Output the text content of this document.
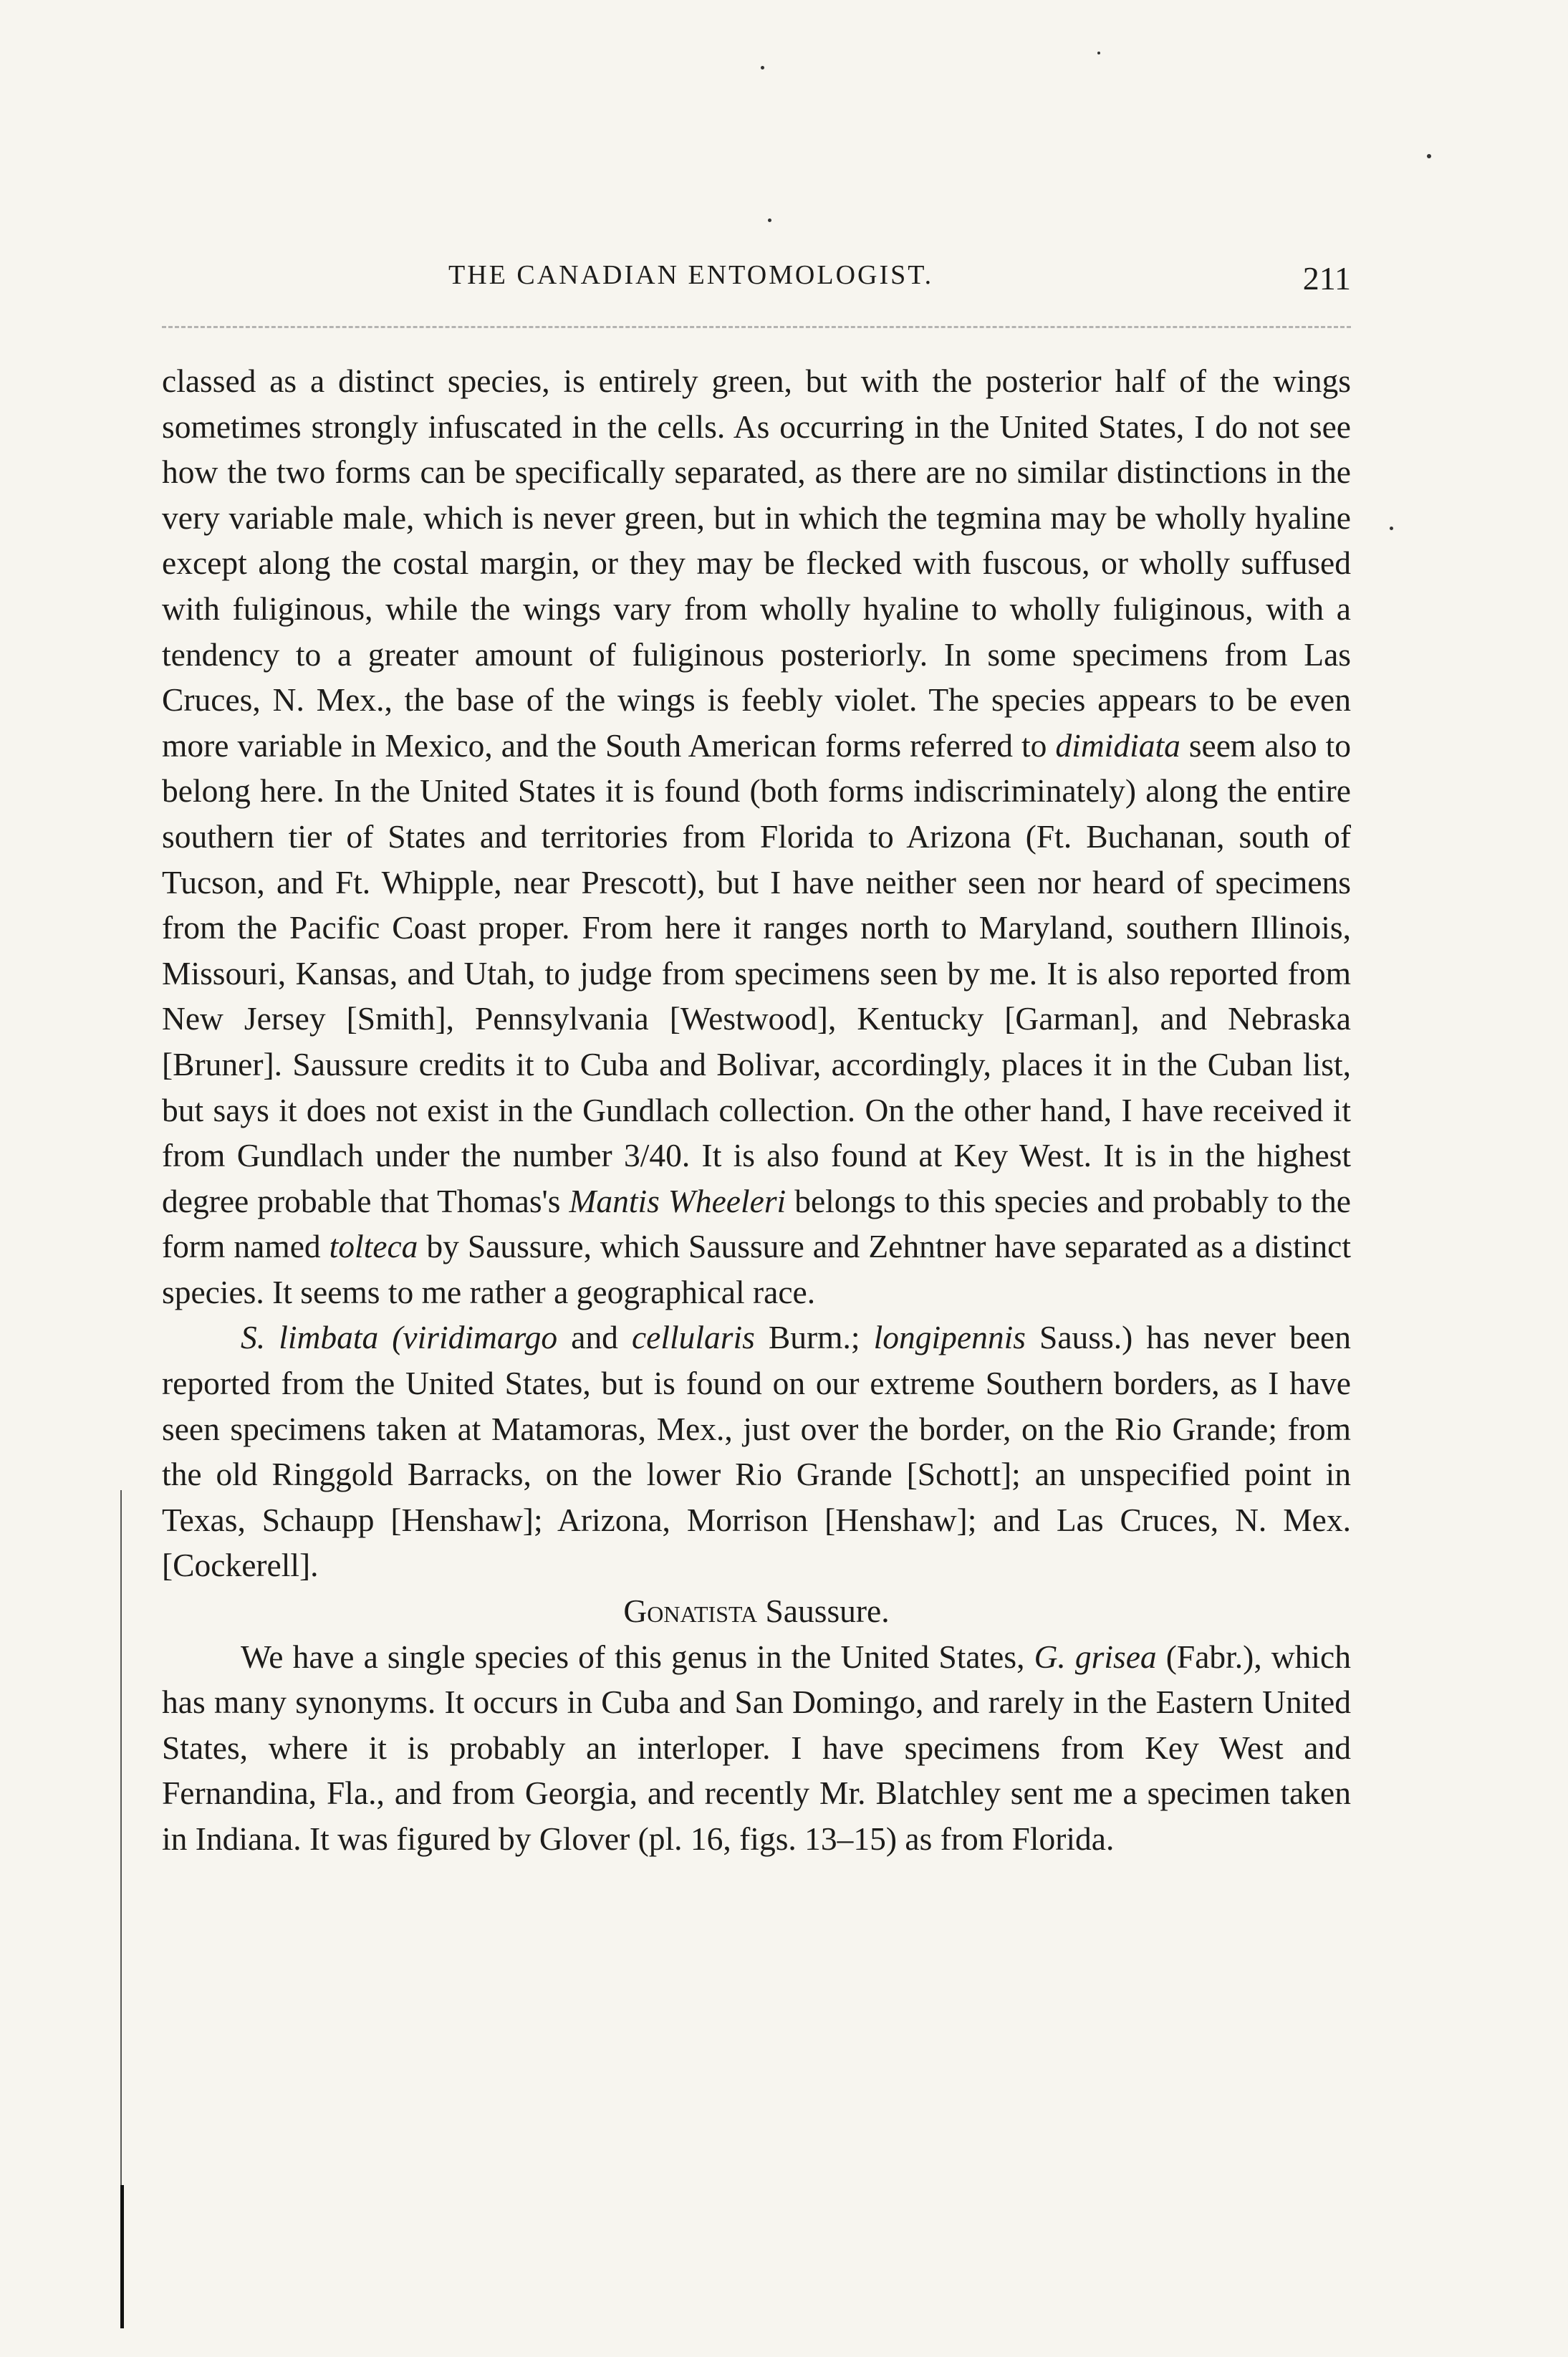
THE CANADIAN ENTOMOLOGIST.	211

classed as a distinct species, is entirely green, but with the posterior half of the wings sometimes strongly infuscated in the cells. As occurring in the United States, I do not see how the two forms can be specifically separated, as there are no similar distinctions in the very variable male, which is never green, but in which the tegmina may be wholly hyaline except along the costal margin, or they may be flecked with fuscous, or wholly suffused with fuliginous, while the wings vary from wholly hyaline to wholly fuliginous, with a tendency to a greater amount of fuliginous posteriorly. In some specimens from Las Cruces, N. Mex., the base of the wings is feebly violet. The species appears to be even more variable in Mexico, and the South American forms referred to dimidiata seem also to belong here. In the United States it is found (both forms indiscriminately) along the entire southern tier of States and territories from Florida to Arizona (Ft. Buchanan, south of Tucson, and Ft. Whipple, near Prescott), but I have neither seen nor heard of specimens from the Pacific Coast proper. From here it ranges north to Maryland, southern Illinois, Missouri, Kansas, and Utah, to judge from specimens seen by me. It is also reported from New Jersey [Smith], Pennsylvania [Westwood], Kentucky [Garman], and Nebraska [Bruner]. Saussure credits it to Cuba and Bolivar, accordingly, places it in the Cuban list, but says it does not exist in the Gundlach collection. On the other hand, I have received it from Gundlach under the number 3/40. It is also found at Key West. It is in the highest degree probable that Thomas's Mantis Wheeleri belongs to this species and probably to the form named tolteca by Saussure, which Saussure and Zehntner have separated as a distinct species. It seems to me rather a geographical race.

S. limbata (viridimargo and cellularis Burm.; longipennis Sauss.) has never been reported from the United States, but is found on our extreme Southern borders, as I have seen specimens taken at Matamoras, Mex., just over the border, on the Rio Grande; from the old Ringgold Barracks, on the lower Rio Grande [Schott]; an unspecified point in Texas, Schaupp [Henshaw]; Arizona, Morrison [Henshaw]; and Las Cruces, N. Mex. [Cockerell].

Gonatista Saussure.

We have a single species of this genus in the United States, G. grisea (Fabr.), which has many synonyms. It occurs in Cuba and San Domingo, and rarely in the Eastern United States, where it is probably an interloper. I have specimens from Key West and Fernandina, Fla., and from Georgia, and recently Mr. Blatchley sent me a specimen taken in Indiana. It was figured by Glover (pl. 16, figs. 13–15) as from Florida.
